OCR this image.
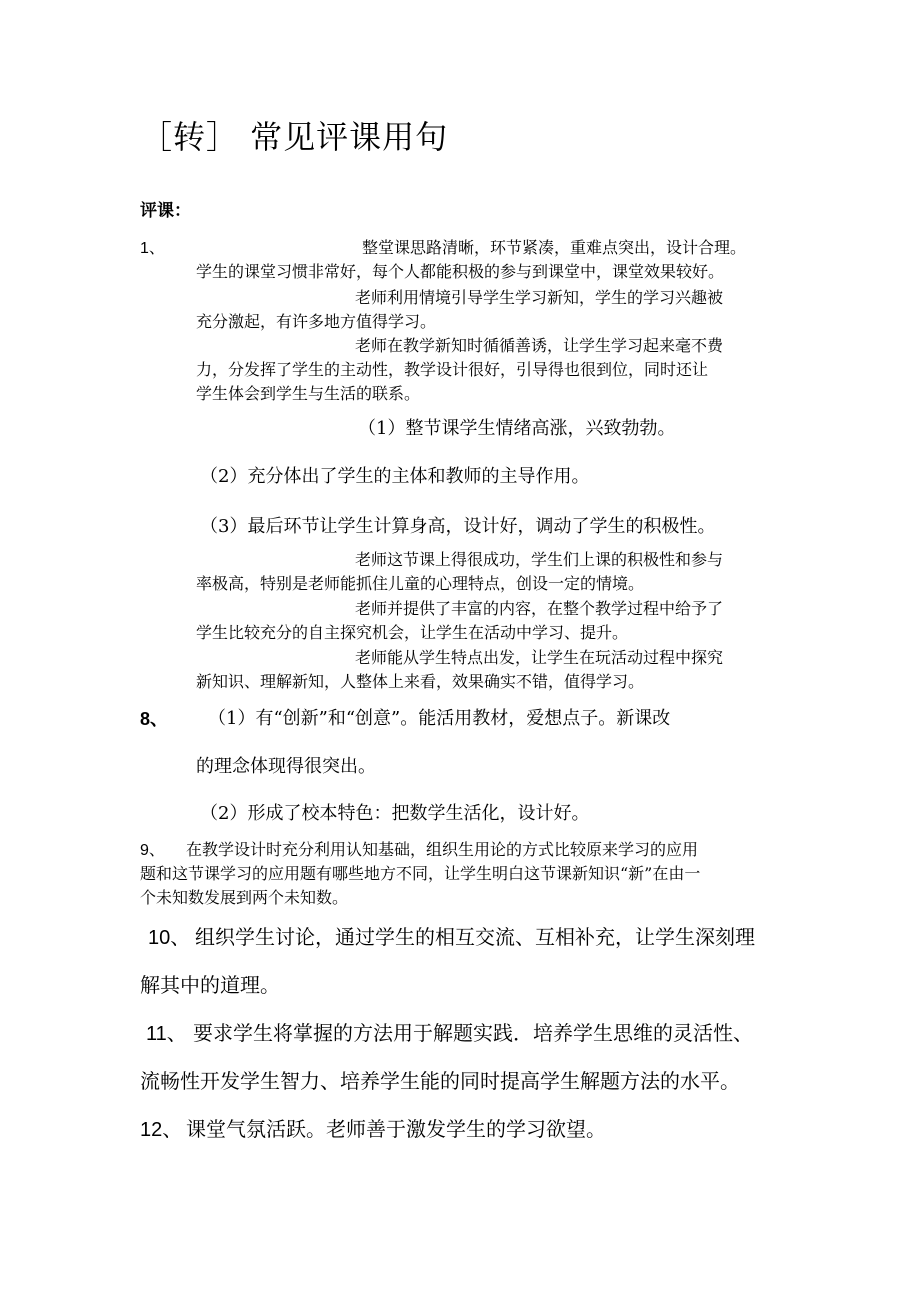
［转］ 常见评课用句
评课：
1、	整堂课思路清晰，环节紧凑，重难点突出，设计合理。
学生的课堂习惯非常好，每个人都能积极的参与到课堂中，课堂效果较好。
老师利用情境引导学生学习新知，学生的学习兴趣被
充分激起，有许多地方值得学习。
老师在教学新知时循循善诱，让学生学习起来毫不费
力，分发挥了学生的主动性，教学设计很好，引导得也很到位，同时还让
学生体会到学生与生活的联系。
（1）整节课学生情绪高涨，兴致勃勃。
（2）充分体出了学生的主体和教师的主导作用。
（3）最后环节让学生计算身高，设计好，调动了学生的积极性。
老师这节课上得很成功，学生们上课的积极性和参与
率极高，特别是老师能抓住儿童的心理特点，创设一定的情境。
老师并提供了丰富的内容，在整个教学过程中给予了
学生比较充分的自主探究机会，让学生在活动中学习、提升。
老师能从学生特点出发，让学生在玩活动过程中探究
新知识、理解新知，人整体上来看，效果确实不错，值得学习。
8、 （1）有“创新”和“创意”。能活用教材，爱想点子。新课改
的理念体现得很突出。
（2）形成了校本特色：把数学生活化，设计好。
9、 在教学设计时充分利用认知基础，组织生用论的方式比较原来学习的应用
题和这节课学习的应用题有哪些地方不同，让学生明白这节课新知识“新”在由一
个未知数发展到两个未知数。
10、 组织学生讨论，通过学生的相互交流、互相补充，让学生深刻理
解其中的道理。
11、 要求学生将掌握的方法用于解题实践．培养学生思维的灵活性、
流畅性开发学生智力、培养学生能的同时提高学生解题方法的水平。
12、 课堂气氛活跃。老师善于激发学生的学习欲望。
